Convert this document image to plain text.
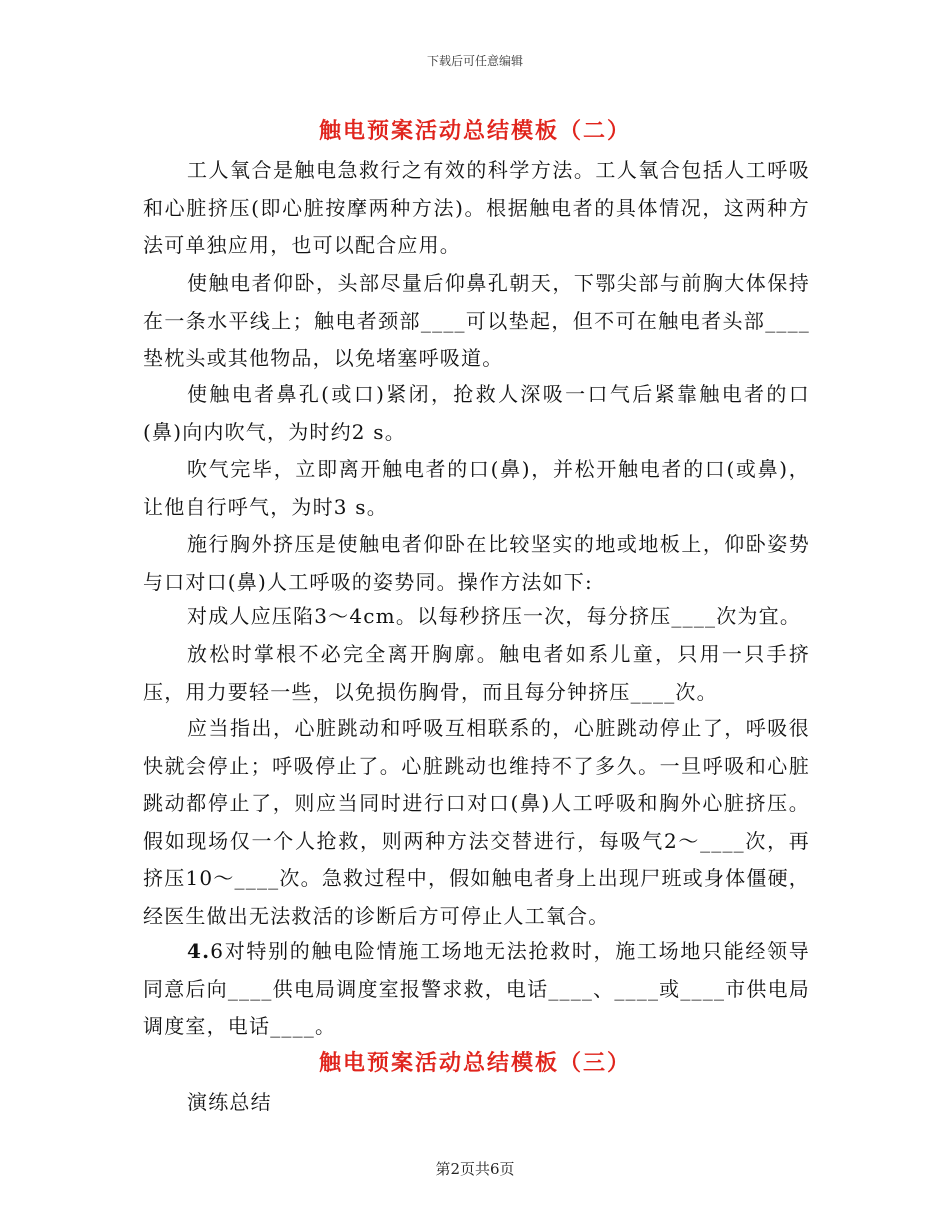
下载后可任意编辑
触电预案活动总结模板（二）

工人氧合是触电急救行之有效的科学方法。工人氧合包括人工呼吸和心脏挤压(即心脏按摩两种方法)。根据触电者的具体情况，这两种方法可单独应用，也可以配合应用。

使触电者仰卧，头部尽量后仰鼻孔朝天，下鄂尖部与前胸大体保持在一条水平线上；触电者颈部____可以垫起，但不可在触电者头部____垫枕头或其他物品，以免堵塞呼吸道。

使触电者鼻孔(或口)紧闭，抢救人深吸一口气后紧靠触电者的口(鼻)向内吹气，为时约2 s。

吹气完毕，立即离开触电者的口(鼻)，并松开触电者的口(或鼻)，让他自行呼气，为时3 s。

施行胸外挤压是使触电者仰卧在比较坚实的地或地板上，仰卧姿势与口对口(鼻)人工呼吸的姿势同。操作方法如下:

对成人应压陷3～4cm。以每秒挤压一次，每分挤压____次为宜。

放松时掌根不必完全离开胸廓。触电者如系儿童，只用一只手挤压，用力要轻一些，以免损伤胸骨，而且每分钟挤压____次。

应当指出，心脏跳动和呼吸互相联系的，心脏跳动停止了，呼吸很快就会停止；呼吸停止了。心脏跳动也维持不了多久。一旦呼吸和心脏跳动都停止了，则应当同时进行口对口(鼻)人工呼吸和胸外心脏挤压。假如现场仅一个人抢救，则两种方法交替进行，每吸气2～____次，再挤压10～____次。急救过程中，假如触电者身上出现尸班或身体僵硬，经医生做出无法救活的诊断后方可停止人工氧合。

4.6对特别的触电险情施工场地无法抢救时，施工场地只能经领导同意后向____供电局调度室报警求救，电话____、____或____市供电局调度室，电话____。

触电预案活动总结模板（三）

演练总结

第2页共6页
